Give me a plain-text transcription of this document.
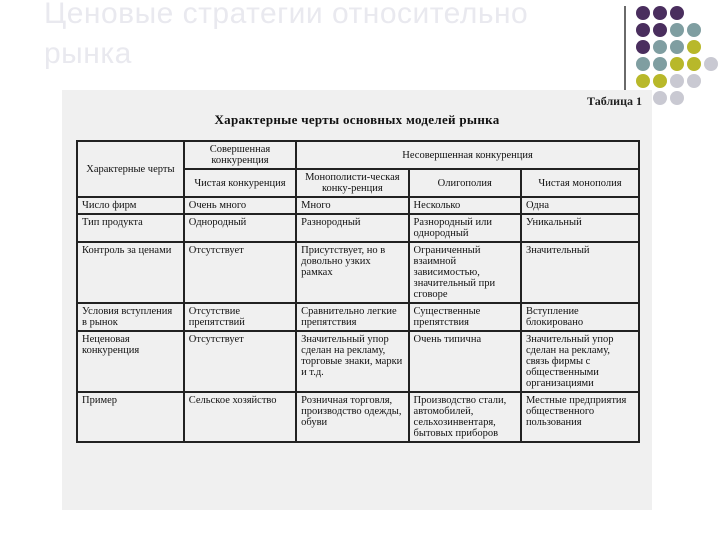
Ценовые стратегии относительно рынка
Таблица 1
Характерные черты основных моделей рынка
Характерные черты	Совершенная конкуренция	Несовершенная конкуренция		
	Чистая конкуренция	Монополисти-ческая конку-ренция	Олигополия	Чистая монополия
Число фирм	Очень много	Много	Несколько	Одна
Тип продукта	Однородный	Разнородный	Разнородный или однородный	Уникальный
Контроль за ценами	Отсутствует	Присутствует, но в довольно узких рамках	Ограниченный взаимной зависимостью, значительный при сговоре	Значительный
Условия вступления в рынок	Отсутствие препятствий	Сравнительно легкие препятствия	Существенные препятствия	Вступление блокировано
Неценовая конкуренция	Отсутствует	Значительный упор сделан на рекламу, торговые знаки, марки и т.д.	Очень типична	Значительный упор сделан на рекламу, связь фирмы с общественными организациями
Пример	Сельское хозяйство	Розничная торговля, производство одежды, обуви	Производство стали, автомобилей, сельхозинвентаря, бытовых приборов	Местные предприятия общественного пользования
